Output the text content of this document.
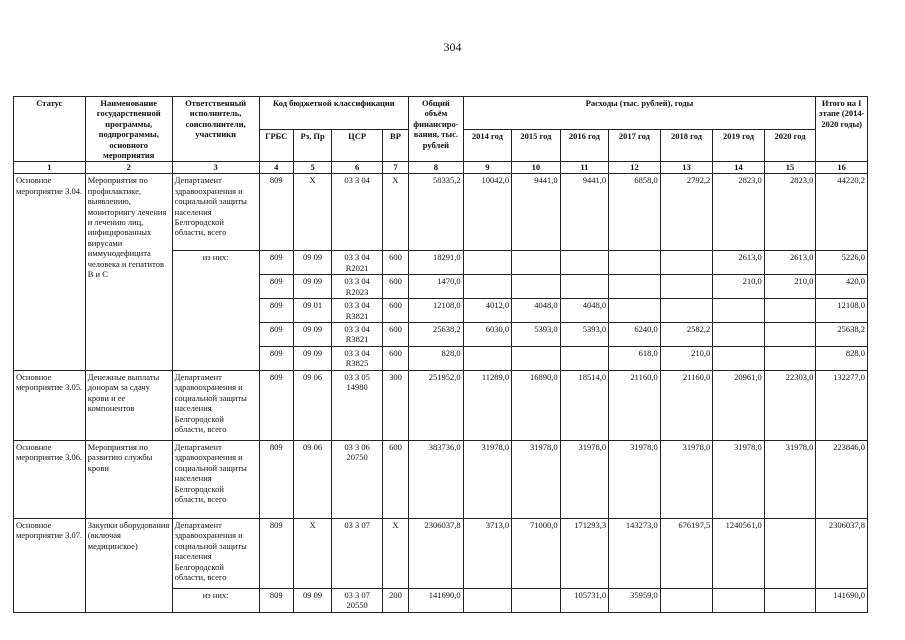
304
Статус	Наименование государственной программы, подпрограммы, основного мероприятия	Ответственный исполнитель, соисполнители, участники	Код бюджетной классификации				Общий объём финансиро-вания, тыс. рублей	Расходы (тыс. рублей), годы							Итого на I этапе (2014-2020 годы)
			ГРБС	Рз, Пр	ЦСР	ВР		2014 год	2015 год	2016 год	2017 год	2018 год	2019 год	2020 год	
1	2	3	4	5	6	7	8	9	10	11	12	13	14	15	16
Основное мероприятие 3.04.	Мероприятия по профилактике, выявлению, мониторингу лечения и лечению лиц, инфицированных вирусами иммунодефицита человека и гепатитов В и С	Департамент здравоохранения и социальной защиты населения Белгородской области, всего	809	Х	03 3 04	Х	58335,2	10042,0	9441,0	9441,0	6858,0	2792,2	2823,0	2823,0	44220,2
		из них:	809	09 09	03 3 04 R2021	600	18291,0						2613,0	2613,0	5226,0
			809	09 09	03 3 04 R2023	600	1470,0						210,0	210,0	420,0
			809	09 01	03 3 04 R3821	600	12108,0	4012,0	4048,0	4048,0					12108,0
			809	09 09	03 3 04 R3821	600	25638,2	6030,0	5393,0	5393,0	6240,0	2582,2			25638,2
			809	09 09	03 3 04 R3825	600	828,0				618,0	210,0			828,0
Основное мероприятие 3.05.	Денежные выплаты донорам за сдачу крови и ее компонентов	Департамент здравоохранения и социальной защиты населения Белгородской области, всего	809	09 06	03 3 05 14980	300	251952,0	11289,0	16890,0	18514,0	21160,0	21160,0	20961,0	22303,0	132277,0
Основное мероприятие 3.06.	Мероприятия по развитию службы крови	Департамент здравоохранения и социальной защиты населения Белгородской области, всего	809	09 06	03 3 06 20750	600	383736,0	31978,0	31978,0	31978,0	31978,0	31978,0	31978,0	31978,0	223846,0
Основное мероприятие 3.07.	Закупки оборудования (включая медицинское)	Департамент здравоохранения и социальной защиты населения Белгородской области, всего	809	Х	03 3 07	Х	2306037,8	3713,0	71000,0	171293,3	143273,0	676197,5	1240561,0		2306037,8
		из них:	809	09 09	03 3 07 20550	200	141690,0			105731,0	35959,0				141690,0
